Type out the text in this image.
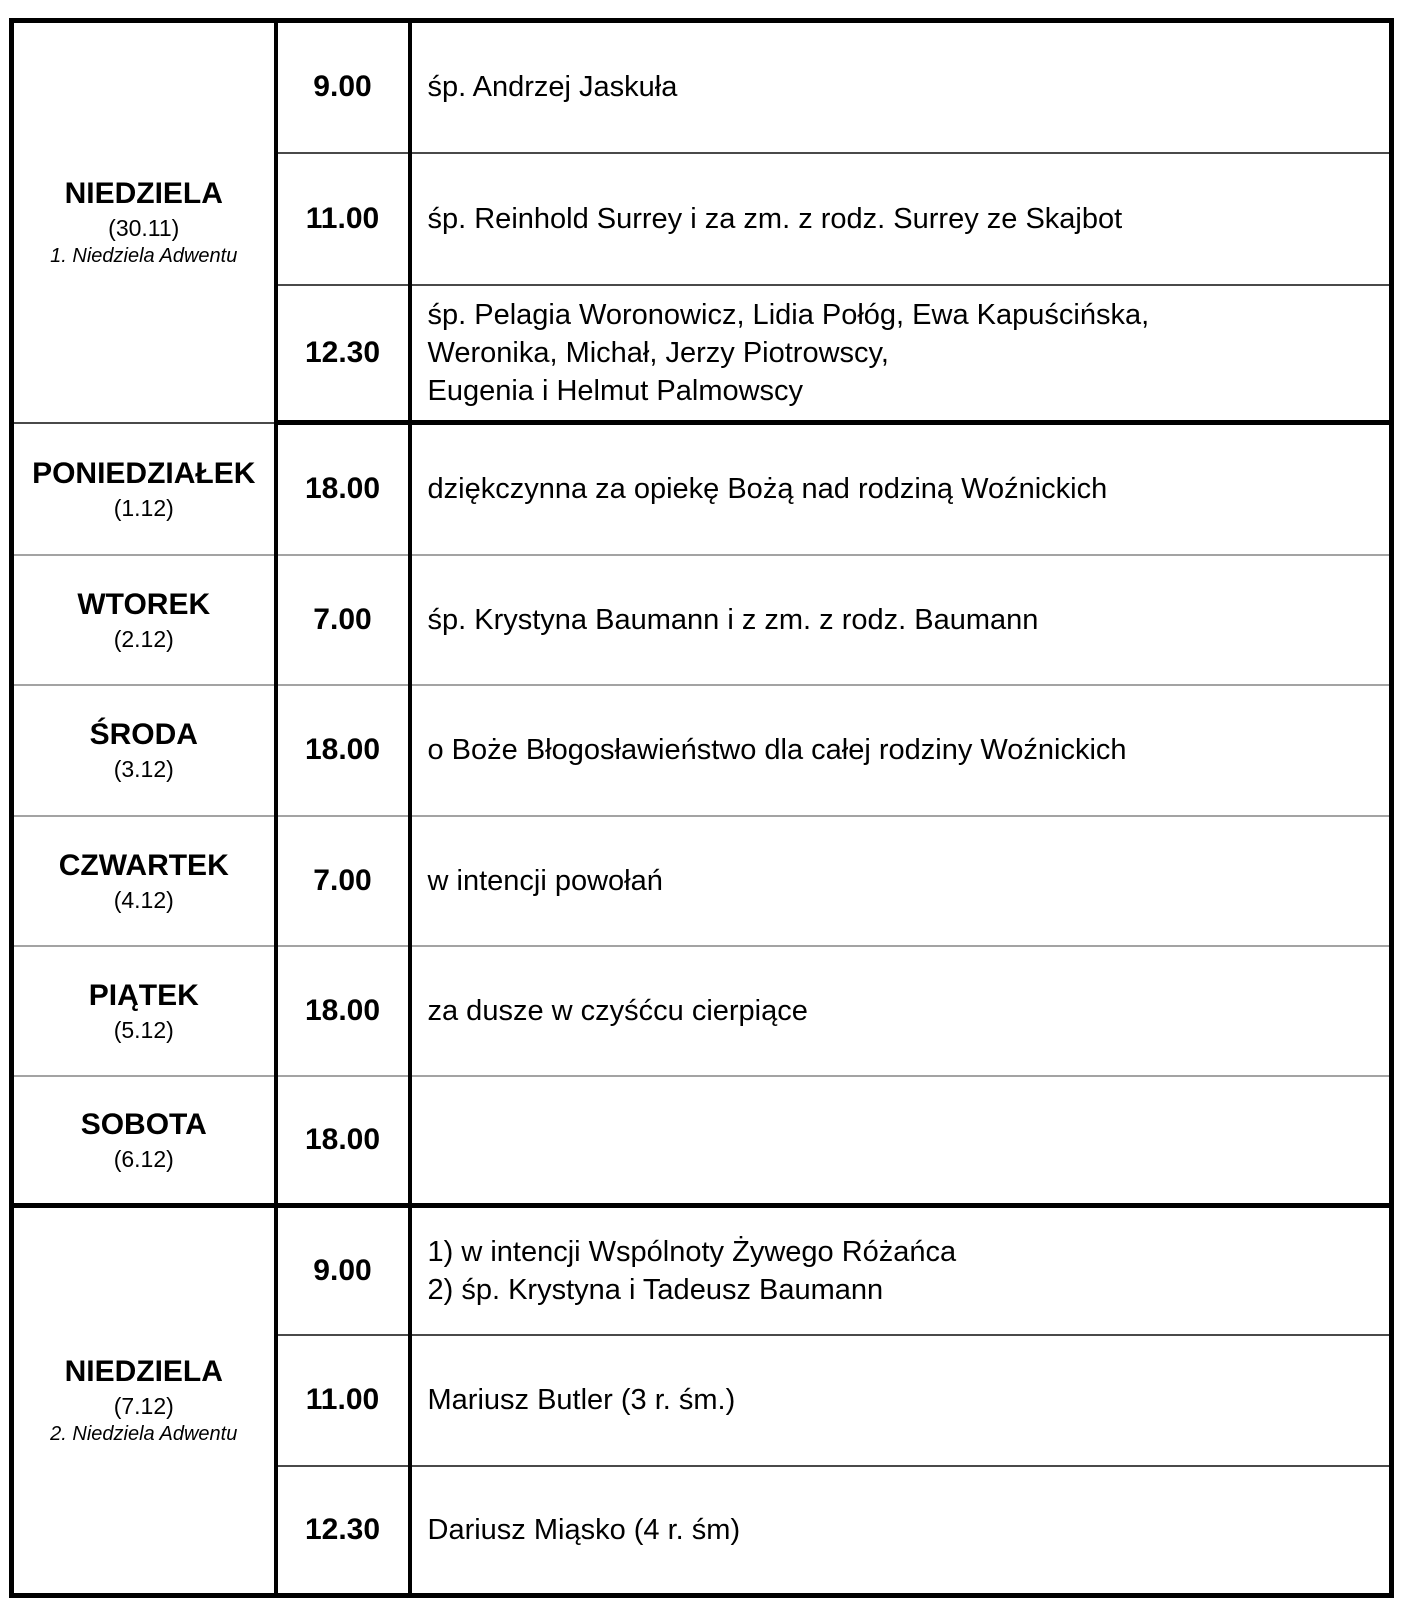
NIEDZIELA
(30.11)
1. Niedziela Adwentu	9.00	śp. Andrzej Jaskuła
	11.00	śp. Reinhold Surrey i za zm. z rodz. Surrey ze Skajbot
	12.30	śp. Pelagia Woronowicz, Lidia Połóg, Ewa Kapuścińska,
Weronika, Michał, Jerzy Piotrowscy,
Eugenia i Helmut Palmowscy

PONIEDZIAŁEK
(1.12)	18.00	dziękczynna za opiekę Bożą nad rodziną Woźnickich

WTOREK
(2.12)	7.00	śp. Krystyna Baumann i z zm. z rodz. Baumann

ŚRODA
(3.12)	18.00	o Boże Błogosławieństwo dla całej rodziny Woźnickich

CZWARTEK
(4.12)	7.00	w intencji powołań

PIĄTEK
(5.12)	18.00	za dusze w czyśćcu cierpiące

SOBOTA
(6.12)	18.00	

NIEDZIELA
(7.12)
2. Niedziela Adwentu
	9.00	1) w intencji Wspólnoty Żywego Różańca
2) śp. Krystyna i Tadeusz Baumann
	11.00	Mariusz Butler (3 r. śm.)
	12.30	Dariusz Miąsko (4 r. śm)
